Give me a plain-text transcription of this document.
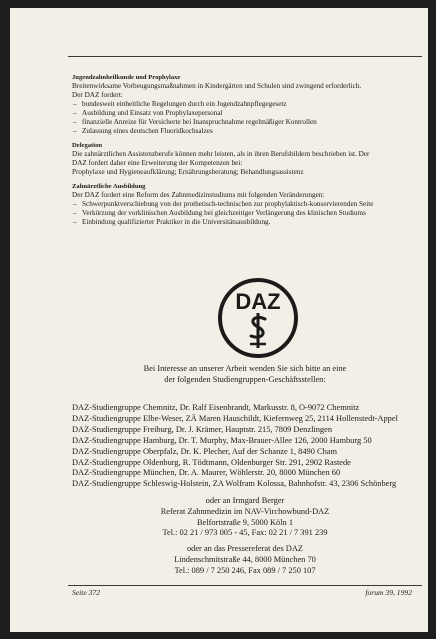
Jugendzahnheilkunde und Prophylaxe

Breitenwirksame Vorbeugungsmaßnahmen in Kindergärten und Schulen sind zwingend erforderlich.

Der DAZ fordert:

– bundesweit einheitliche Regelungen durch ein Jugendzahnpflegegesetz
– Ausbildung und Einsatz von Prophylaxepersonal
– finanzielle Anreize für Versicherte bei Inanspruchnahme regelmäßiger Kontrollen
– Zulassung eines deutschen Fluoridkochsalzes
Delegation

Die zahnärztlichen Assistenzberufe können mehr leisten, als in ihren Berufsbildern beschrieben ist. Der

DAZ fordert daher eine Erweiterung der Kompetenzen bei:

Prophylaxe und Hygieneaufklärung; Ernährungsberatung; Behandlungsassistenz

Zahnärztliche Ausbildung

Der DAZ fordert eine Reform des Zahnmedizinstudiums mit folgenden Veränderungen:

– Schwerpunktverschiebung von der prothetisch-technischen zur prophylaktisch-konservierenden Seite
– Verkürzung der vorklinischen Ausbildung bei gleichzeitiger Verlängerung des klinischen Studiums
– Einbindung qualifizierter Praktiker in die Universitätsausbildung.
DAZ
Bei Interesse an unserer Arbeit wenden Sie sich bitte an eine
der folgenden Studiengruppen-Geschäftsstellen:
DAZ-Studiengruppe Chemnitz, Dr. Ralf Eisenbrandt, Markusstr. 8, O-9072 Chemnitz
DAZ-Studiengruppe Elbe-Weser, ZÄ Maren Hauschildt, Kiefernweg 25, 2114 Hollenstedt-Appel
DAZ-Studiengruppe Freiburg, Dr. J. Krämer, Hauptstr. 215, 7809 Denzlingen
DAZ-Studiengruppe Hamburg, Dr. T. Murphy, Max-Brauer-Allee 126, 2000 Hamburg 50
DAZ-Studiengruppe Oberpfalz, Dr. K. Plecher, Auf der Schanze 1, 8490 Cham
DAZ-Studiengruppe Oldenburg, R. Tödtmann, Oldenburger Str. 291, 2902 Rastede
DAZ-Studiengruppe München, Dr. A. Maurer, Wöhlerstr. 20, 8000 München 60
DAZ-Studiengruppe Schleswig-Holstein, ZA Wolfram Kolossa, Bahnhofstr. 43, 2306 Schönberg
oder an Irmgard Berger
Referat Zahnmedizin im NAV-Virchowbund-DAZ
Belfortstraße 9, 5000 Köln 1
Tel.: 02 21 / 973 005 - 45, Fax: 02 21 / 7 391 239
oder an das Pressereferat des DAZ
Lindenschmitstraße 44, 8000 München 70
Tel.: 089 / 7 250 246, Fax 089 / 7 250 107
Seite 372	forum 39, 1992
